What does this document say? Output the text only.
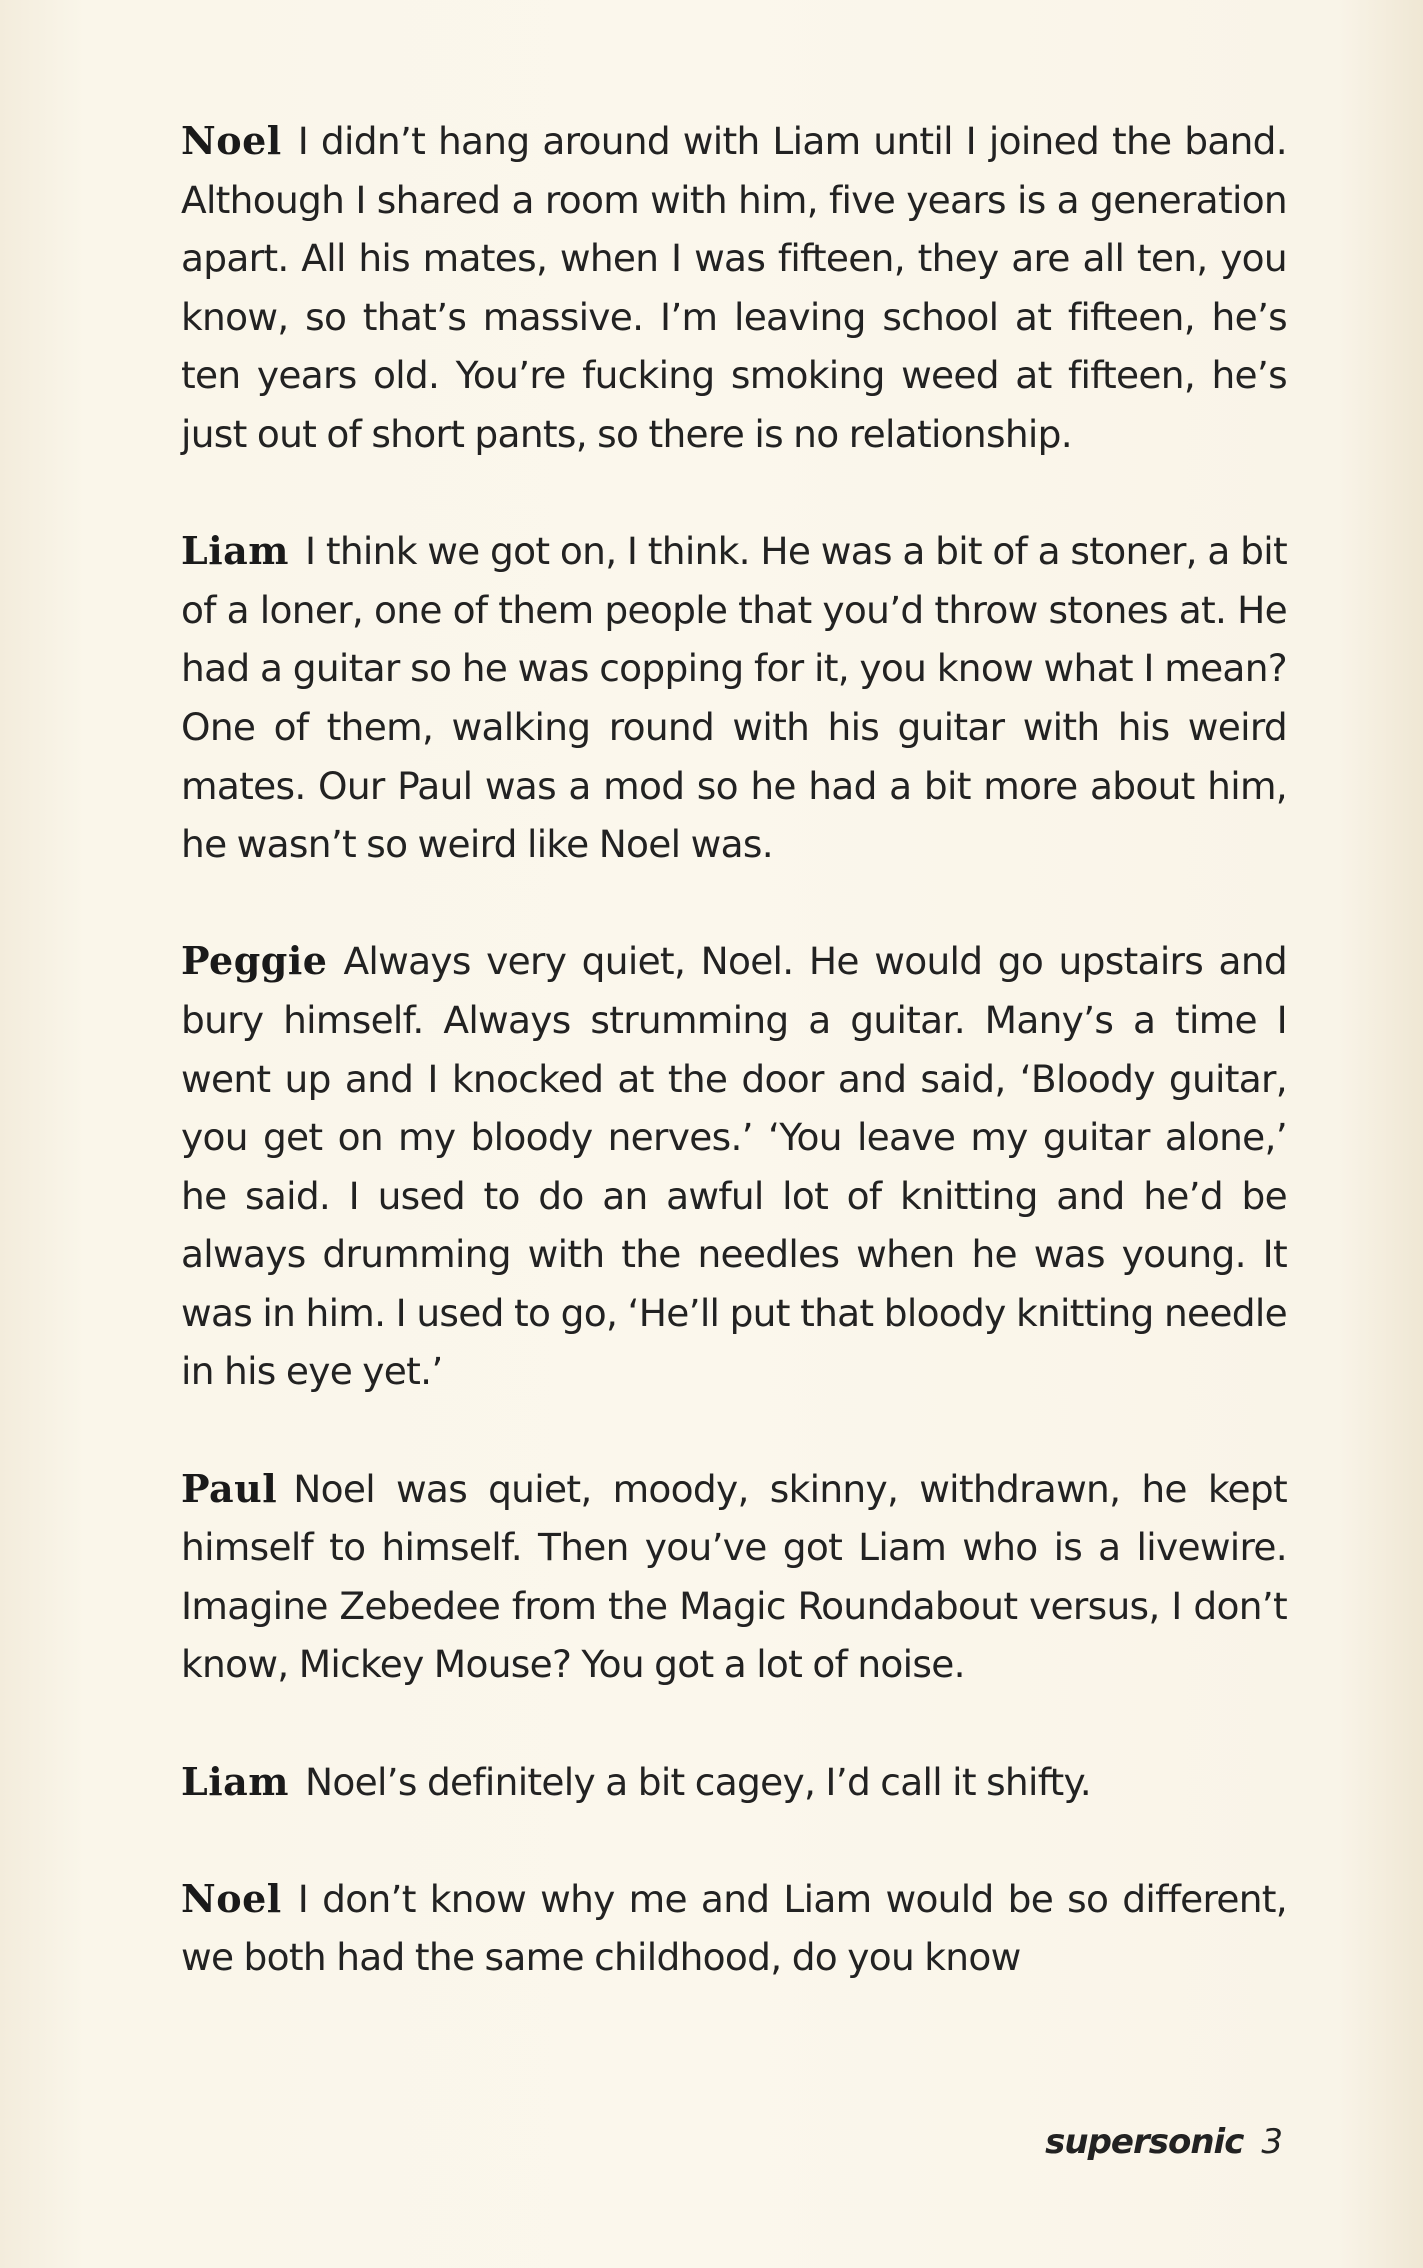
Noel I didn’t hang around with Liam until I joined the band. Although I shared a room with him, five years is a generation apart. All his mates, when I was fifteen, they are all ten, you know, so that’s massive. I’m leaving school at fifteen, he’s ten years old. You’re fucking smoking weed at fifteen, he’s just out of short pants, so there is no relationship.

Liam I think we got on, I think. He was a bit of a stoner, a bit of a loner, one of them people that you’d throw stones at. He had a guitar so he was copping for it, you know what I mean? One of them, walking round with his guitar with his weird mates. Our Paul was a mod so he had a bit more about him, he wasn’t so weird like Noel was.

Peggie Always very quiet, Noel. He would go upstairs and bury himself. Always strumming a guitar. Many’s a time I went up and I knocked at the door and said, ‘Bloody guitar, you get on my bloody nerves.’ ‘You leave my guitar alone,’ he said. I used to do an awful lot of knitting and he’d be always drumming with the needles when he was young. It was in him. I used to go, ‘He’ll put that bloody knitting needle in his eye yet.’

Paul Noel was quiet, moody, skinny, withdrawn, he kept himself to himself. Then you’ve got Liam who is a livewire. Imagine Zebedee from the Magic Roundabout versus, I don’t know, Mickey Mouse? You got a lot of noise.

Liam Noel’s definitely a bit cagey, I’d call it shifty.

Noel I don’t know why me and Liam would be so different, we both had the same childhood, do you know

supersonic 3
